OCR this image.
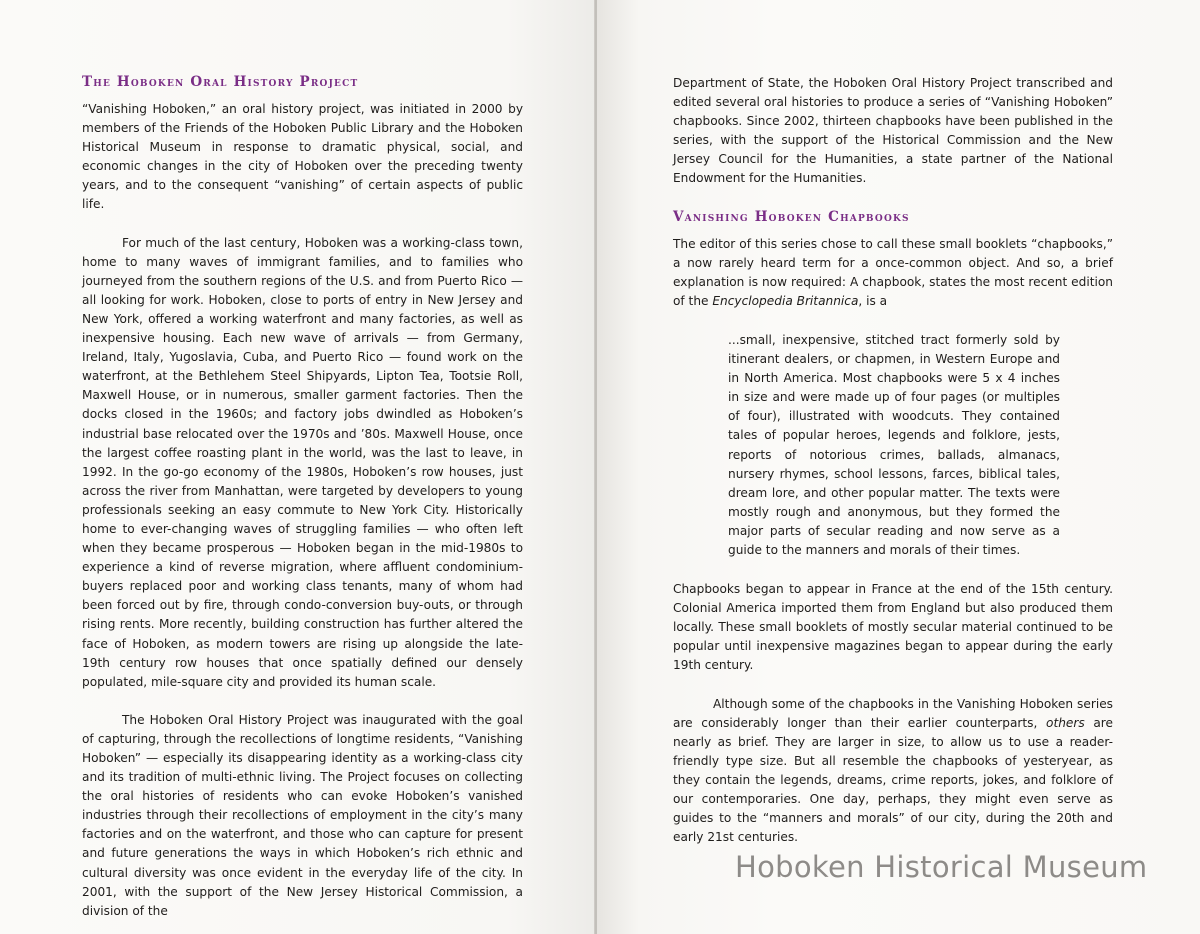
The Hoboken Oral History Project

“Vanishing Hoboken,” an oral history project, was initiated in 2000 by members of the Friends of the Hoboken Public Library and the Hoboken Historical Museum in response to dramatic physical, social, and economic changes in the city of Hoboken over the preceding twenty years, and to the consequent “vanishing” of certain aspects of public life.

For much of the last century, Hoboken was a working-class town, home to many waves of immigrant families, and to families who journeyed from the southern regions of the U.S. and from Puerto Rico — all looking for work. Hoboken, close to ports of entry in New Jersey and New York, offered a working waterfront and many factories, as well as inexpensive housing. Each new wave of arrivals — from Germany, Ireland, Italy, Yugoslavia, Cuba, and Puerto Rico — found work on the waterfront, at the Bethlehem Steel Shipyards, Lipton Tea, Tootsie Roll, Maxwell House, or in numerous, smaller garment factories. Then the docks closed in the 1960s; and factory jobs dwindled as Hoboken’s industrial base relocated over the 1970s and ’80s. Maxwell House, once the largest coffee roasting plant in the world, was the last to leave, in 1992. In the go-go economy of the 1980s, Hoboken’s row houses, just across the river from Manhattan, were targeted by developers to young professionals seeking an easy commute to New York City. Historically home to ever-changing waves of struggling families — who often left when they became prosperous — Hoboken began in the mid-1980s to experience a kind of reverse migration, where affluent condominium-buyers replaced poor and working class tenants, many of whom had been forced out by fire, through condo-conversion buy-outs, or through rising rents. More recently, building construction has further altered the face of Hoboken, as modern towers are rising up alongside the late-19th century row houses that once spatially defined our densely populated, mile-square city and provided its human scale.

The Hoboken Oral History Project was inaugurated with the goal of capturing, through the recollections of longtime residents, “Vanishing Hoboken” — especially its disappearing identity as a working-class city and its tradition of multi-ethnic living. The Project focuses on collecting the oral histories of residents who can evoke Hoboken’s vanished industries through their recollections of employment in the city’s many factories and on the waterfront, and those who can capture for present and future generations the ways in which Hoboken’s rich ethnic and cultural diversity was once evident in the everyday life of the city. In 2001, with the support of the New Jersey Historical Commission, a division of the

Department of State, the Hoboken Oral History Project transcribed and edited several oral histories to produce a series of “Vanishing Hoboken” chapbooks. Since 2002, thirteen chapbooks have been published in the series, with the support of the Historical Commission and the New Jersey Council for the Humanities, a state partner of the National Endowment for the Humanities.

Vanishing Hoboken Chapbooks

The editor of this series chose to call these small booklets “chapbooks,” a now rarely heard term for a once-common object. And so, a brief explanation is now required: A chapbook, states the most recent edition of the Encyclopedia Britannica, is a

...small, inexpensive, stitched tract formerly sold by itinerant dealers, or chapmen, in Western Europe and in North America. Most chapbooks were 5 x 4 inches in size and were made up of four pages (or multiples of four), illustrated with woodcuts. They contained tales of popular heroes, legends and folklore, jests, reports of notorious crimes, ballads, almanacs, nursery rhymes, school lessons, farces, biblical tales, dream lore, and other popular matter. The texts were mostly rough and anonymous, but they formed the major parts of secular reading and now serve as a guide to the manners and morals of their times.

Chapbooks began to appear in France at the end of the 15th century. Colonial America imported them from England but also produced them locally. These small booklets of mostly secular material continued to be popular until inexpensive magazines began to appear during the early 19th century.

Although some of the chapbooks in the Vanishing Hoboken series are considerably longer than their earlier counterparts, others are nearly as brief. They are larger in size, to allow us to use a reader-friendly type size. But all resemble the chapbooks of yesteryear, as they contain the legends, dreams, crime reports, jokes, and folklore of our contemporaries. One day, perhaps, they might even serve as guides to the “manners and morals” of our city, during the 20th and early 21st centuries.

Hoboken Historical Museum
